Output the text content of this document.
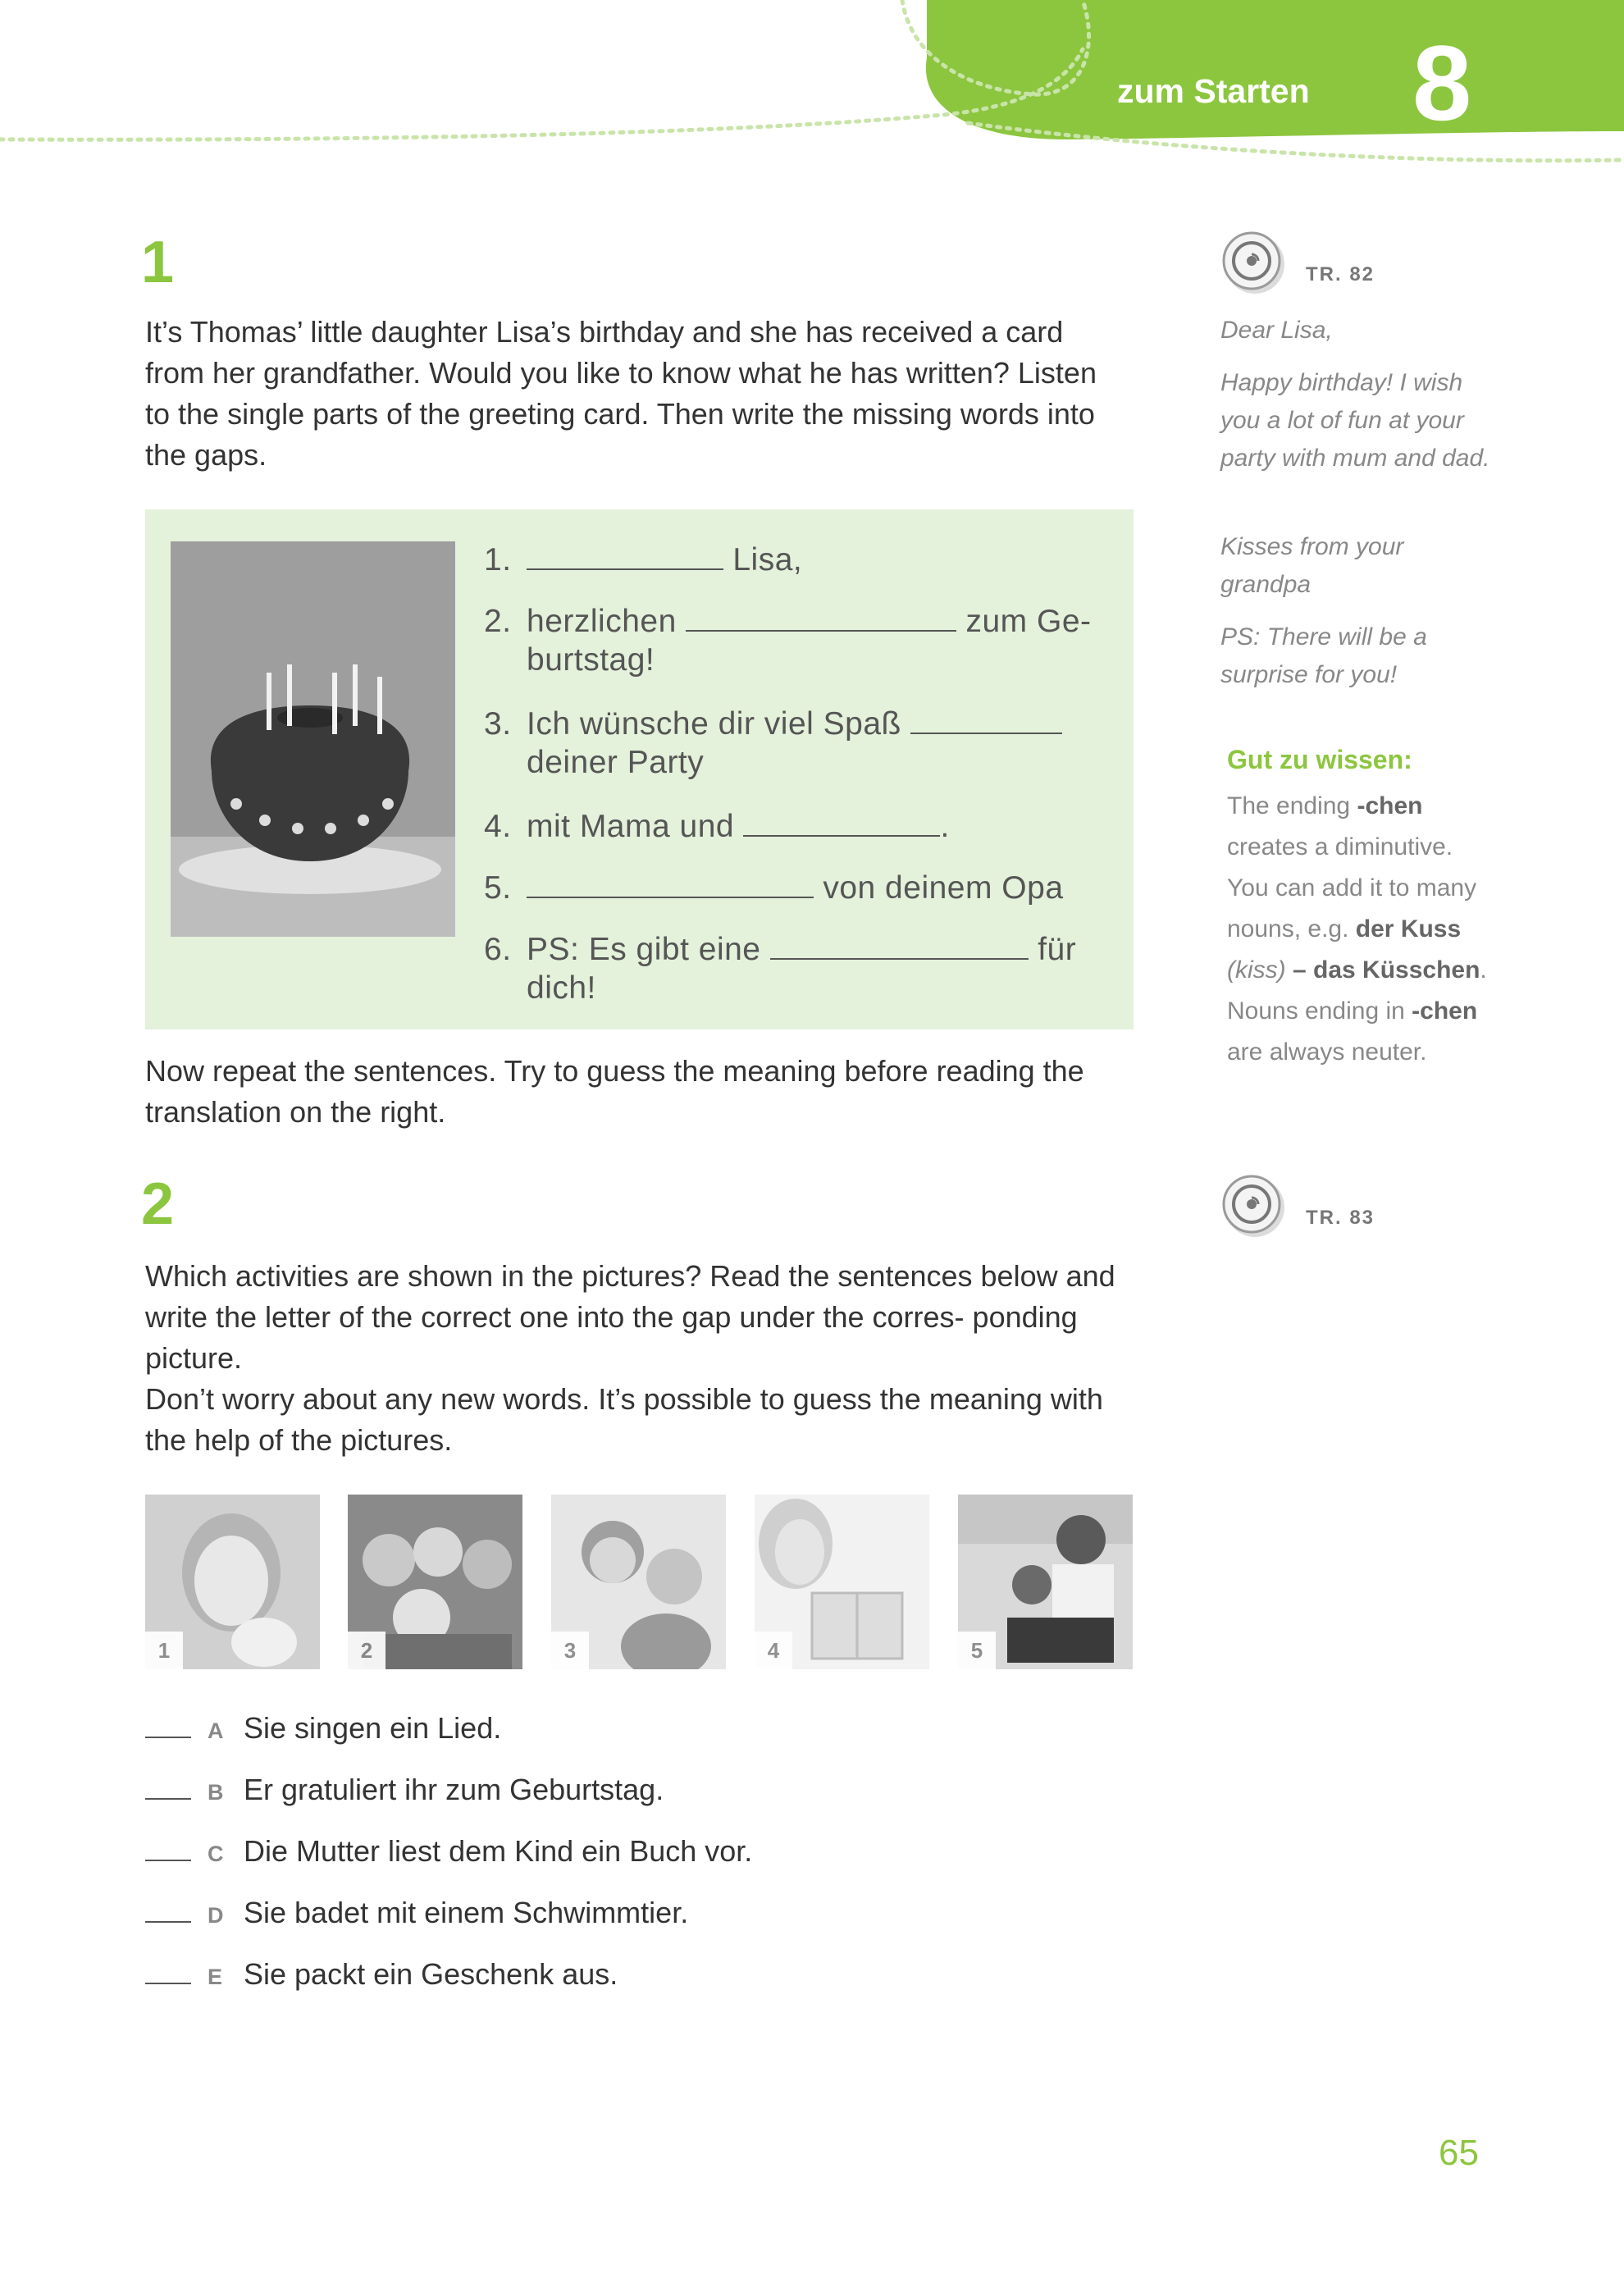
zum Starten 8
1
It’s Thomas’ little daughter Lisa’s birthday and she has received a card from her grandfather. Would you like to know what he has written? Listen to the single parts of the greeting card. Then write the missing words into the gaps.
1.	Lisa,
2. herzlichen	zum Ge-
burtstag!
3. Ich wünsche dir viel Spaß
deiner Party
4. mit Mama und	.
5.	von deinem Opa
6. PS: Es gibt eine	für
dich!
Now repeat the sentences. Try to guess the meaning before reading the translation on the right.
2
Which activities are shown in the pictures? Read the sentences below and write the letter of the correct one into the gap under the corres- ponding picture.
Don’t worry about any new words. It’s possible to guess the meaning with the help of the pictures.
1	2	3	4	5
A Sie singen ein Lied.
B Er gratuliert ihr zum Geburtstag.
C Die Mutter liest dem Kind ein Buch vor.
D Sie badet mit einem Schwimmtier.
E Sie packt ein Geschenk aus.
TR. 82
Dear Lisa,
Happy birthday! I wish you a lot of fun at your party with mum and dad.
Kisses from your grandpa
PS: There will be a surprise for you!
Gut zu wissen:
The ending -chen creates a diminutive. You can add it to many nouns, e.g. der Kuss (kiss) – das Küsschen. Nouns ending in -chen are always neuter.
TR. 83
65
